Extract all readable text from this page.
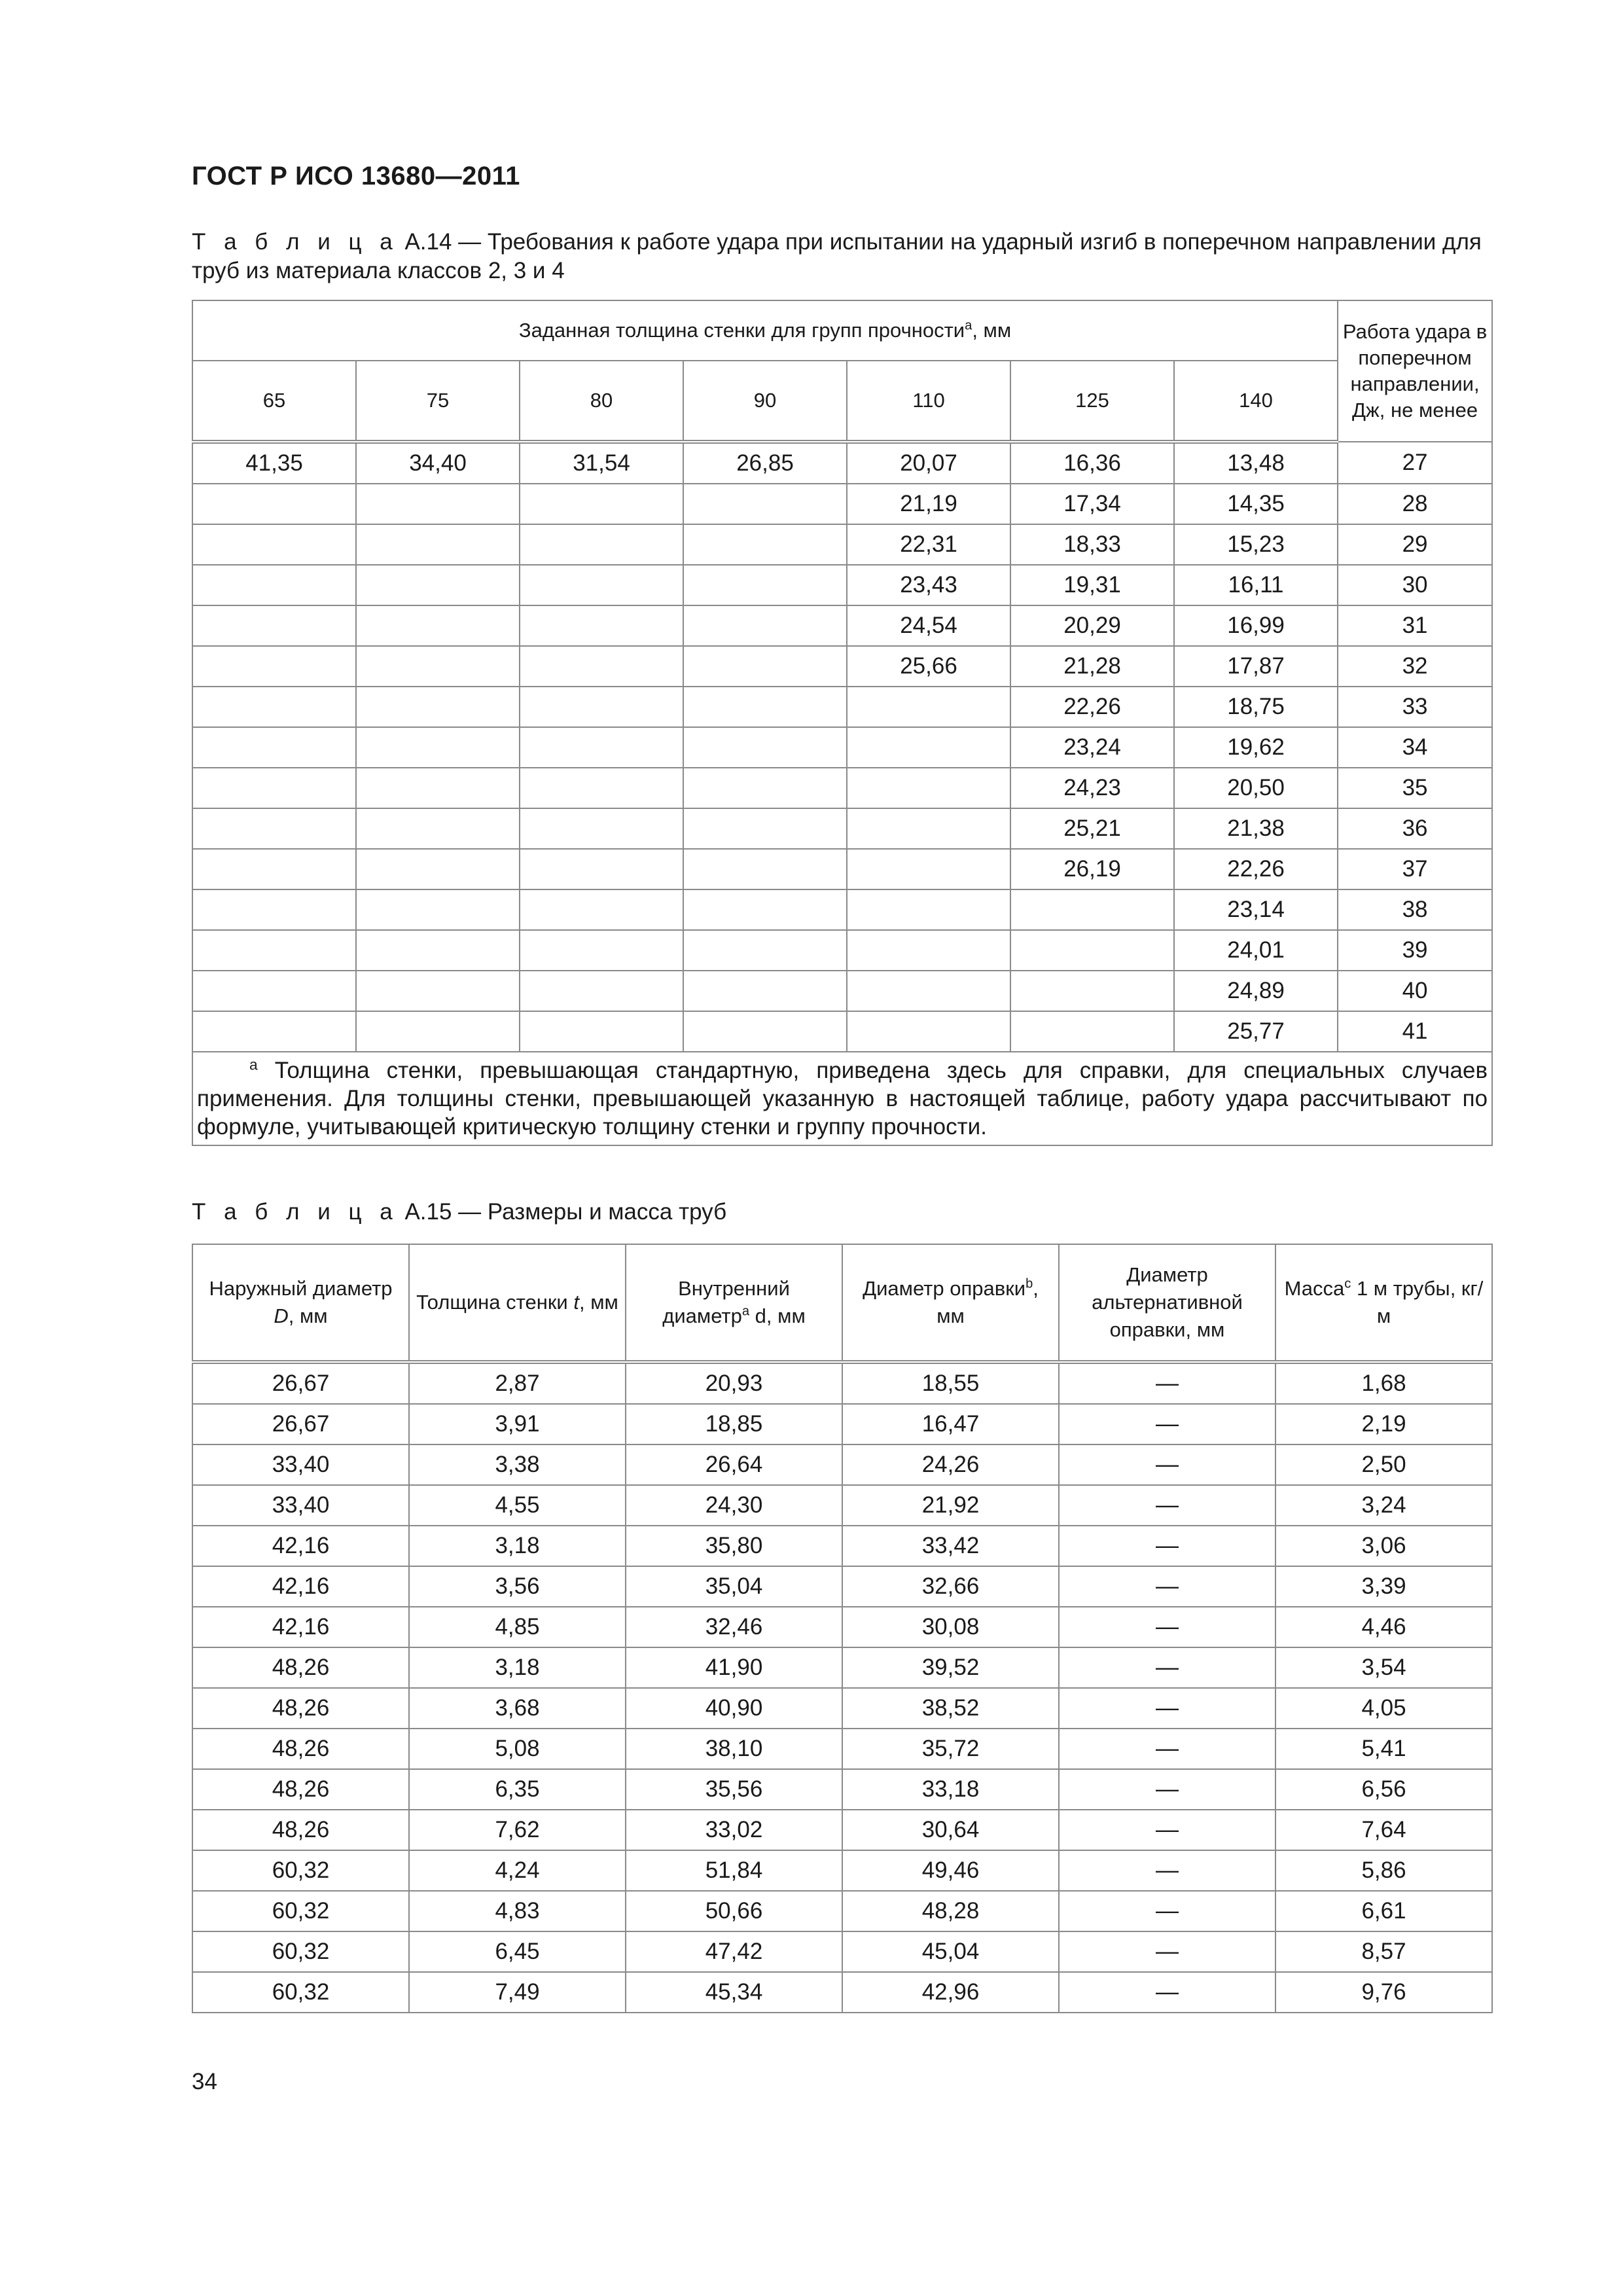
ГОСТ Р ИСО 13680—2011
Т а б л и ц а А.14 — Требования к работе удара при испытании на ударный изгиб в поперечном направлении для труб из материала классов 2, 3 и 4
Заданная толщина стенки для групп прочности$^a$, мм							Работа удара в поперечном направлении, Дж, не менее
65	75	80	90	110	125	140	
41,35	34,40	31,54	26,85	20,07	16,36	13,48	27
				21,19	17,34	14,35	28
				22,31	18,33	15,23	29
				23,43	19,31	16,11	30
				24,54	20,29	16,99	31
				25,66	21,28	17,87	32
					22,26	18,75	33
					23,24	19,62	34
					24,23	20,50	35
					25,21	21,38	36
					26,19	22,26	37
						23,14	38
						24,01	39
						24,89	40
						25,77	41
$^a$ Толщина стенки, превышающая стандартную, приведена здесь для справки, для специальных случаев применения. Для толщины стенки, превышающей указанную в настоящей таблице, работу удара рассчитывают по формуле, учитывающей критическую толщину стенки и группу прочности.							
Т а б л и ц а А.15 — Размеры и масса труб
Наружный диаметр D, мм	Толщина стенки t, мм	Внутренний диаметр$^a$ d, мм	Диаметр оправки$^b$, мм	Диаметр альтернативной оправки, мм	Масса$^c$ 1 м трубы, кг/м
26,67	2,87	20,93	18,55	—	1,68
26,67	3,91	18,85	16,47	—	2,19
33,40	3,38	26,64	24,26	—	2,50
33,40	4,55	24,30	21,92	—	3,24
42,16	3,18	35,80	33,42	—	3,06
42,16	3,56	35,04	32,66	—	3,39
42,16	4,85	32,46	30,08	—	4,46
48,26	3,18	41,90	39,52	—	3,54
48,26	3,68	40,90	38,52	—	4,05
48,26	5,08	38,10	35,72	—	5,41
48,26	6,35	35,56	33,18	—	6,56
48,26	7,62	33,02	30,64	—	7,64
60,32	4,24	51,84	49,46	—	5,86
60,32	4,83	50,66	48,28	—	6,61
60,32	6,45	47,42	45,04	—	8,57
60,32	7,49	45,34	42,96	—	9,76
34
